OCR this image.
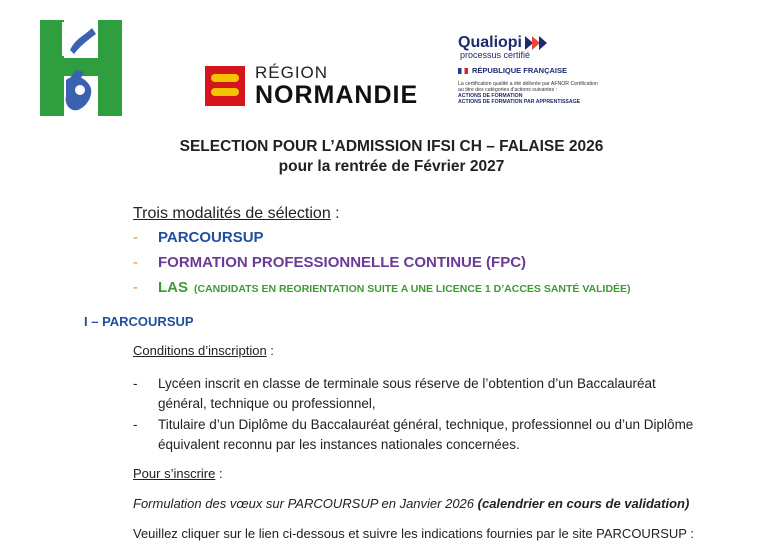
RÉGION
NORMANDIE
Qualiopi
processus certifié
RÉPUBLIQUE FRANÇAISE
La certification qualité a été délivrée par AFNOR Certification
au titre des catégories d'actions suivantes :
ACTIONS DE FORMATION
ACTIONS DE FORMATION PAR APPRENTISSAGE
SELECTION POUR L’ADMISSION IFSI CH – FALAISE 2026
pour la rentrée de Février 2027
Trois modalités de sélection :
-	PARCOURSUP
-	FORMATION PROFESSIONNELLE CONTINUE (FPC)
-	LAS (CANDIDATS EN REORIENTATION SUITE A UNE LICENCE 1 D’ACCES SANTÉ VALIDÉE)
I – PARCOURSUP
Conditions d’inscription :
-	Lycéen inscrit en classe de terminale sous réserve de l’obtention d’un Baccalauréat général, technique ou professionnel,
-	Titulaire d’un Diplôme du Baccalauréat général, technique, professionnel ou d’un Diplôme équivalent reconnu par les instances nationales concernées.
Pour s’inscrire :
Formulation des vœux sur PARCOURSUP en Janvier 2026 (calendrier en cours de validation)
Veuillez cliquer sur le lien ci-dessous et suivre les indications fournies par le site PARCOURSUP :
